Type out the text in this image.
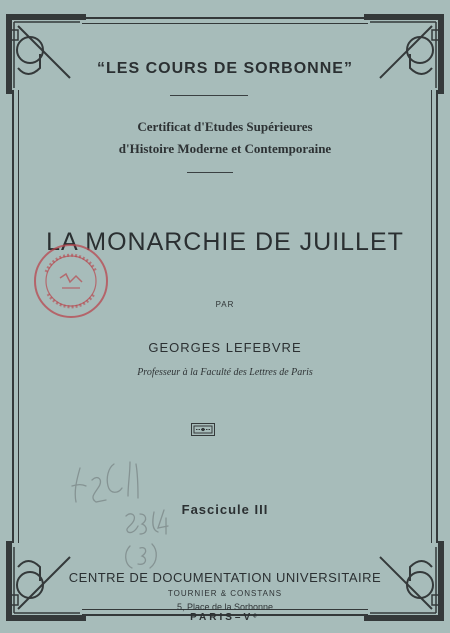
“LES COURS DE SORBONNE”
Certificat d'Etudes Supérieures
d'Histoire Moderne et Contemporaine
LA MONARCHIE DE JUILLET
PAR
GEORGES LEFEBVRE
Professeur à la Faculté des Lettres de Paris
Fascicule III
CENTRE DE DOCUMENTATION UNIVERSITAIRE
TOURNIER & CONSTANS
5, Place de la Sorbonne
PARIS–Vᵉ
